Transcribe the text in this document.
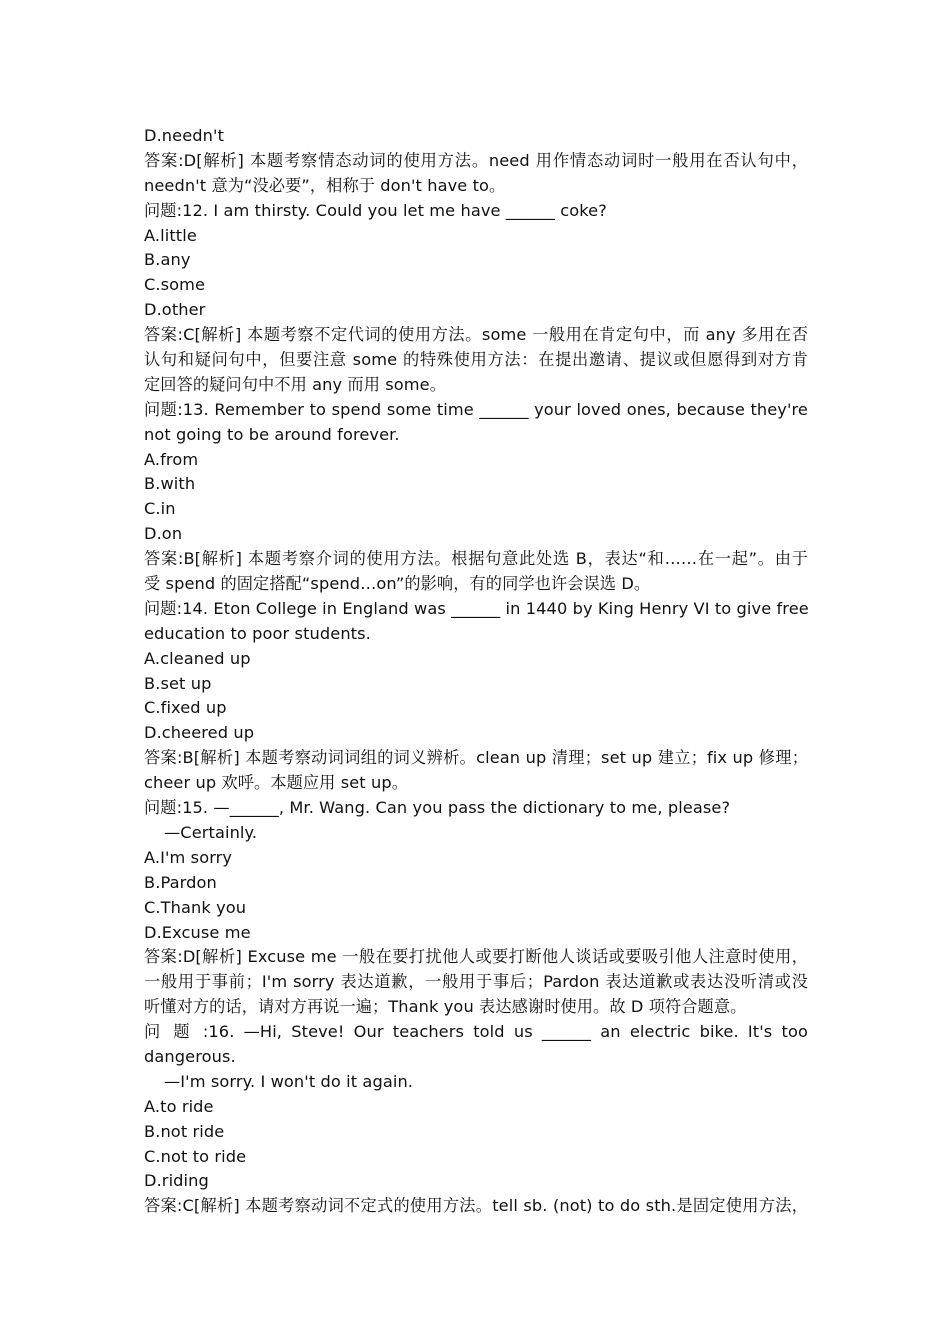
D.needn't
答案:D[解析] 本题考察情态动词的使用方法。need 用作情态动词时一般用在否认句中，
needn't 意为“没必要”，相称于 don't have to。
问题:12. I am thirsty. Could you let me have ______ coke?
A.little
B.any
C.some
D.other
答案:C[解析] 本题考察不定代词的使用方法。some 一般用在肯定句中，而 any 多用在否
认句和疑问句中，但要注意 some 的特殊使用方法：在提出邀请、提议或但愿得到对方肯
定回答的疑问句中不用 any 而用 some。
问题:13. Remember to spend some time ______ your loved ones, because they're
not going to be around forever.
A.from
B.with
C.in
D.on
答案:B[解析] 本题考察介词的使用方法。根据句意此处选 B，表达“和……在一起”。由于
受 spend 的固定搭配“spend…on”的影响，有的同学也许会误选 D。
问题:14. Eton College in England was ______ in 1440 by King Henry VI to give free
education to poor students.
A.cleaned up
B.set up
C.fixed up
D.cheered up
答案:B[解析] 本题考察动词词组的词义辨析。clean up 清理；set up 建立；fix up 修理；
cheer up 欢呼。本题应用 set up。
问题:15. —______, Mr. Wang. Can you pass the dictionary to me, please?
—Certainly.
A.I'm sorry
B.Pardon
C.Thank you
D.Excuse me
答案:D[解析] Excuse me 一般在要打扰他人或要打断他人谈话或要吸引他人注意时使用，
一般用于事前；I'm sorry 表达道歉，一般用于事后；Pardon 表达道歉或表达没听清或没
听懂对方的话，请对方再说一遍；Thank you 表达感谢时使用。故 D 项符合题意。
问 题 :16. —Hi, Steve! Our teachers told us ______ an electric bike. It's too
dangerous.
—I'm sorry. I won't do it again.
A.to ride
B.not ride
C.not to ride
D.riding
答案:C[解析] 本题考察动词不定式的使用方法。tell sb. (not) to do sth.是固定使用方法，
